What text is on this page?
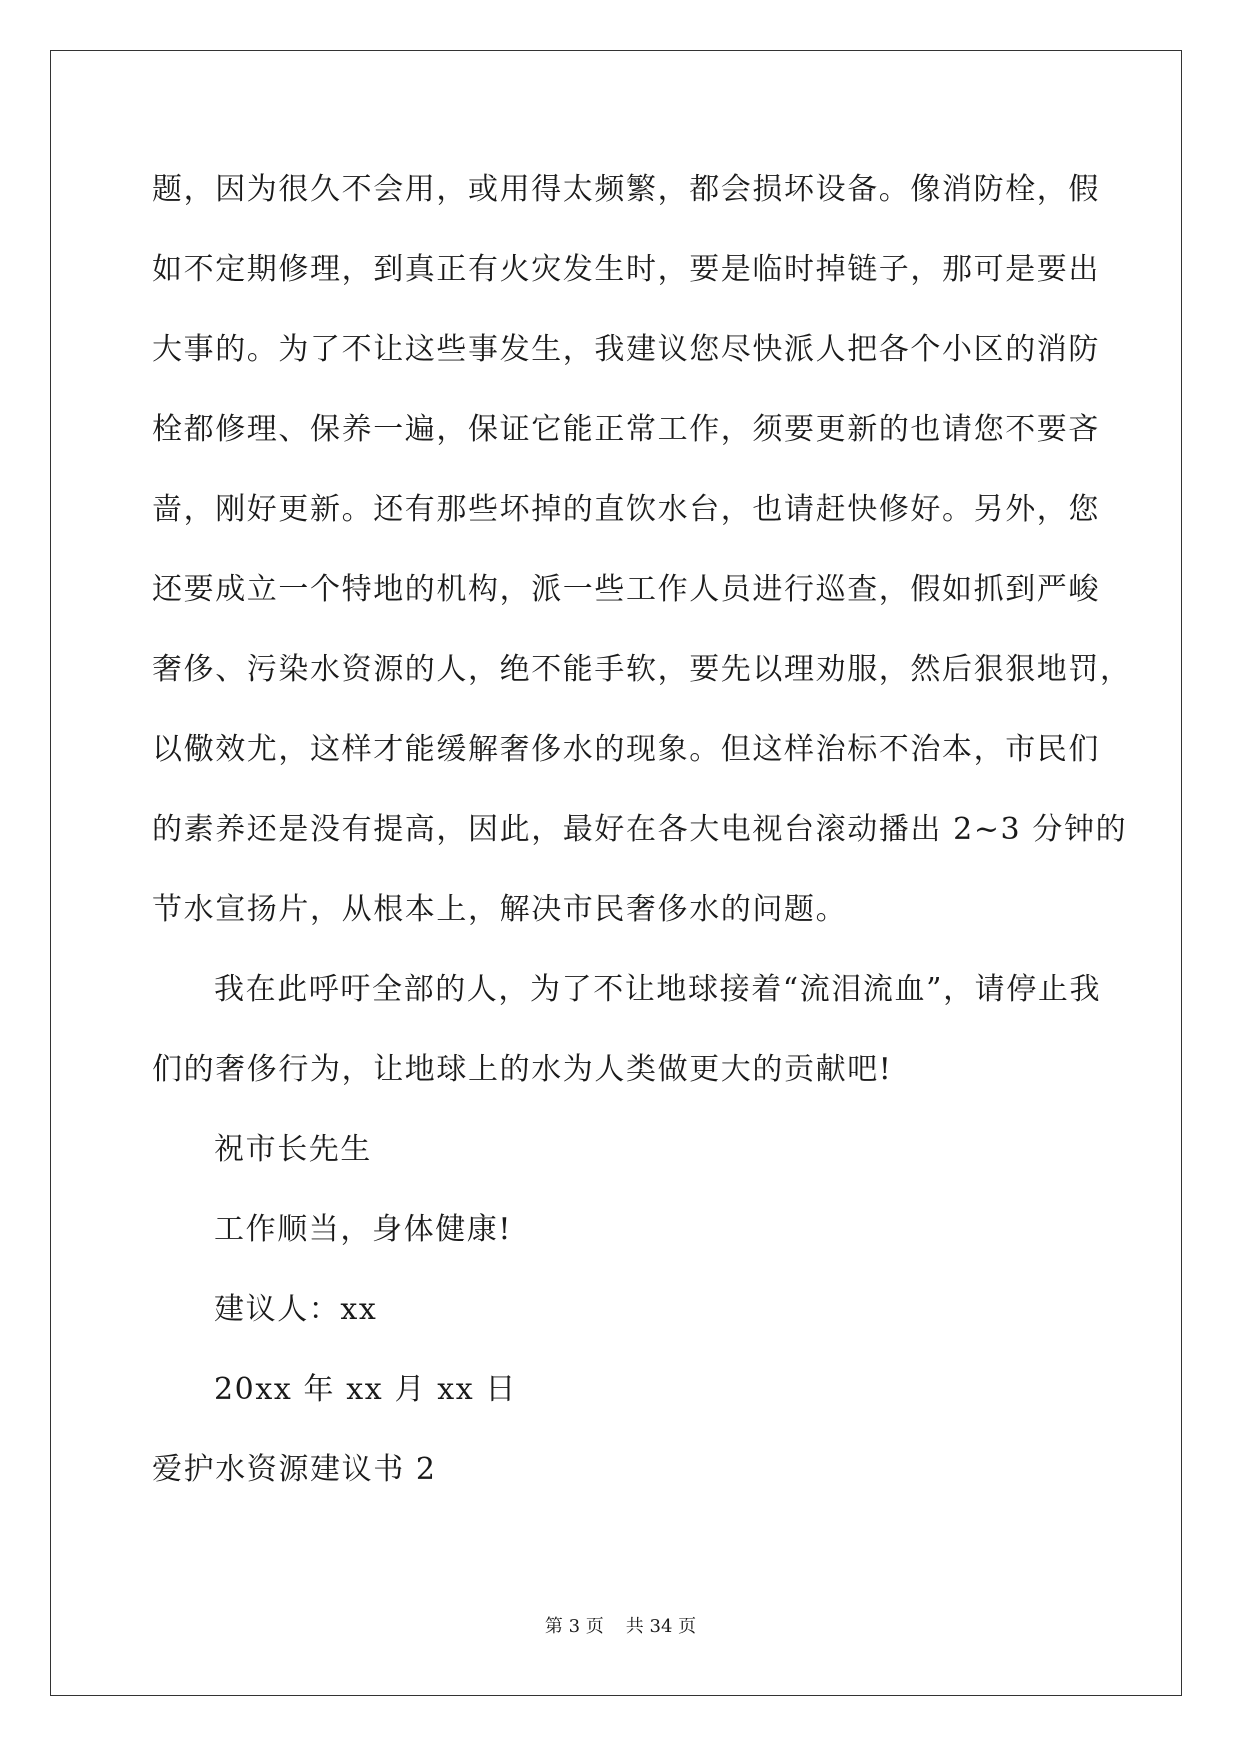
题，因为很久不会用，或用得太频繁，都会损坏设备。像消防栓，假
如不定期修理，到真正有火灾发生时，要是临时掉链子，那可是要出
大事的。为了不让这些事发生，我建议您尽快派人把各个小区的消防
栓都修理、保养一遍，保证它能正常工作，须要更新的也请您不要吝
啬，刚好更新。还有那些坏掉的直饮水台，也请赶快修好。另外，您
还要成立一个特地的机构，派一些工作人员进行巡查，假如抓到严峻
奢侈、污染水资源的人，绝不能手软，要先以理劝服，然后狠狠地罚，
以儆效尤，这样才能缓解奢侈水的现象。但这样治标不治本，市民们
的素养还是没有提高，因此，最好在各大电视台滚动播出 2~3 分钟的
节水宣扬片，从根本上，解决市民奢侈水的问题。
我在此呼吁全部的人，为了不让地球接着“流泪流血”，请停止我
们的奢侈行为，让地球上的水为人类做更大的贡献吧!
祝市长先生
工作顺当，身体健康!
建议人：xx
20xx 年 xx 月 xx 日
爱护水资源建议书 2
第 3 页 共 34 页
